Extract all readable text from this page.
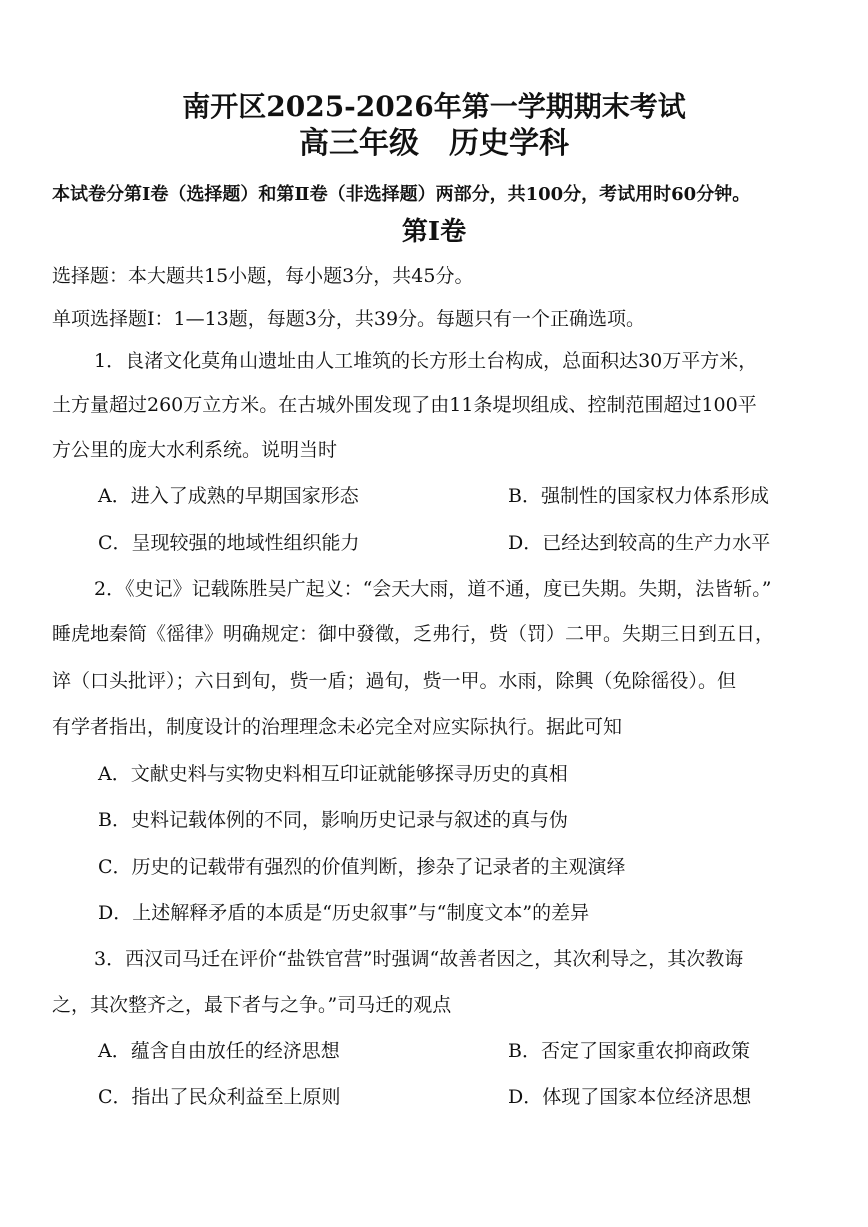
南开区2025-2026年第一学期期末考试
高三年级　历史学科
本试卷分第Ⅰ卷（选择题）和第Ⅱ卷（非选择题）两部分，共100分，考试用时60分钟。
第Ⅰ卷
选择题：本大题共15小题，每小题3分，共45分。
单项选择题Ⅰ：1—13题，每题3分，共39分。每题只有一个正确选项。
1．良渚文化莫角山遗址由人工堆筑的长方形土台构成，总面积达30万平方米，
土方量超过260万立方米。在古城外围发现了由11条堤坝组成、控制范围超过100平
方公里的庞大水利系统。说明当时
A．进入了成熟的早期国家形态	B．强制性的国家权力体系形成
C．呈现较强的地域性组织能力	D．已经达到较高的生产力水平
2．《史记》记载陈胜吴广起义：“会天大雨，道不通，度已失期。失期，法皆斩。”
睡虎地秦简《徭律》明确规定：御中發徵，乏弗行，赀（罚）二甲。失期三日到五日，
谇（口头批评）；六日到旬，赀一盾；過旬，赀一甲。水雨，除興（免除徭役）。但
有学者指出，制度设计的治理理念未必完全对应实际执行。据此可知
A．文献史料与实物史料相互印证就能够探寻历史的真相
B．史料记载体例的不同，影响历史记录与叙述的真与伪
C．历史的记载带有强烈的价值判断，掺杂了记录者的主观演绎
D．上述解释矛盾的本质是“历史叙事”与“制度文本”的差异
3．西汉司马迁在评价“盐铁官营”时强调“故善者因之，其次利导之，其次教诲
之，其次整齐之，最下者与之争。”司马迁的观点
A．蕴含自由放任的经济思想	B．否定了国家重农抑商政策
C．指出了民众利益至上原则	D．体现了国家本位经济思想
